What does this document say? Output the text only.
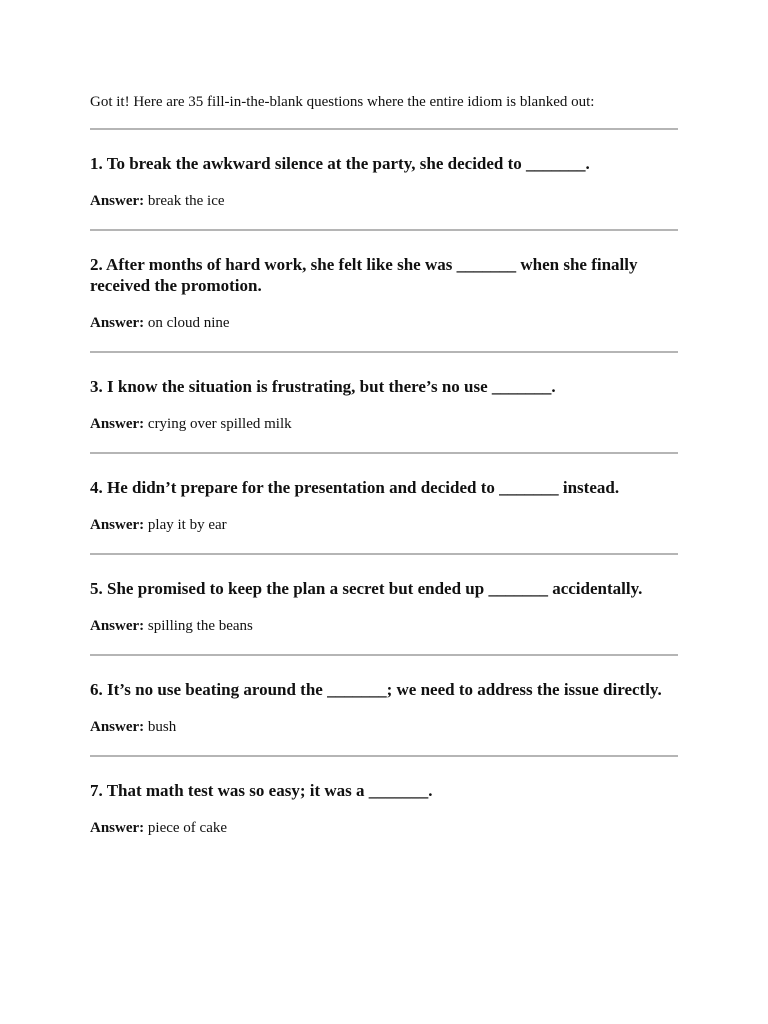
Got it! Here are 35 fill-in-the-blank questions where the entire idiom is blanked out:

1. To break the awkward silence at the party, she decided to _______.

Answer: break the ice

2. After months of hard work, she felt like she was _______ when she finally received the promotion.

Answer: on cloud nine

3. I know the situation is frustrating, but there’s no use _______.

Answer: crying over spilled milk

4. He didn’t prepare for the presentation and decided to _______ instead.

Answer: play it by ear

5. She promised to keep the plan a secret but ended up _______ accidentally.

Answer: spilling the beans

6. It’s no use beating around the _______; we need to address the issue directly.

Answer: bush

7. That math test was so easy; it was a _______.

Answer: piece of cake
